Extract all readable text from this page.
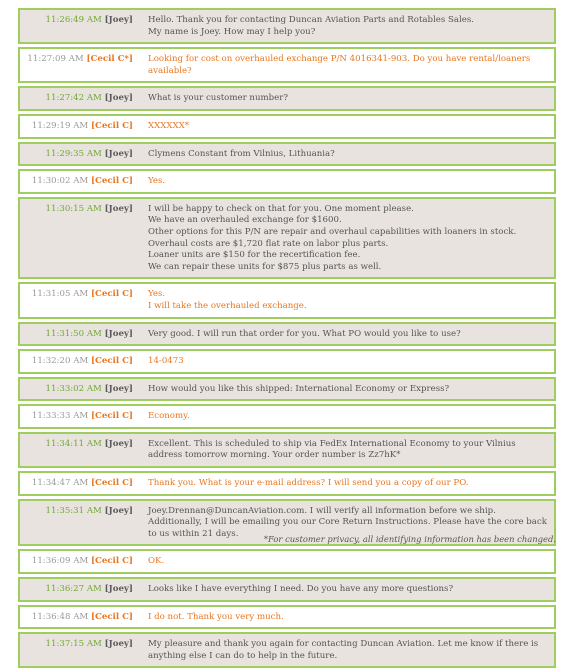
11:26:49 AM [Joey] Hello. Thank you for contacting Duncan Aviation Parts and Rotables Sales.
My name is Joey. How may I help you?
11:27:09 AM [Cecil C*] Looking for cost on overhauled exchange P/N 4016341-903. Do you have rental/loaners available?
11:27:42 AM [Joey] What is your customer number?
11:29:19 AM [Cecil C] XXXXXX*
11:29:35 AM [Joey] Clymens Constant from Vilnius, Lithuania?
11:30:02 AM [Cecil C] Yes.
11:30:15 AM [Joey] I will be happy to check on that for you. One moment please.
We have an overhauled exchange for $1600.
Other options for this P/N are repair and overhaul capabilities with loaners in stock.
Overhaul costs are $1,720 flat rate on labor plus parts.
Loaner units are $150 for the recertification fee.
We can repair these units for $875 plus parts as well.
11:31:05 AM [Cecil C] Yes.
I will take the overhauled exchange.
11:31:50 AM [Joey] Very good. I will run that order for you. What PO would you like to use?
11:32:20 AM [Cecil C] 14-0473
11:33:02 AM [Joey] How would you like this shipped: International Economy or Express?
11:33:33 AM [Cecil C] Economy.
11:34:11 AM [Joey] Excellent. This is scheduled to ship via FedEx International Economy to your Vilnius address tomorrow morning. Your order number is Zz7hK*
11:34:47 AM [Cecil C] Thank you. What is your e-mail address? I will send you a copy of our PO.
11:35:31 AM [Joey] Joey.Drennan@DuncanAviation.com. I will verify all information before we ship.
Additionally, I will be emailing you our Core Return Instructions. Please have the core back to us within 21 days.
11:36:09 AM [Cecil C] OK.
11:36:27 AM [Joey] Looks like I have everything I need. Do you have any more questions?
11:36:48 AM [Cecil C] I do not. Thank you very much.
11:37:15 AM [Joey] My pleasure and thank you again for contacting Duncan Aviation. Let me know if there is anything else I can do to help in the future.
*For customer privacy, all identifying information has been changed.
